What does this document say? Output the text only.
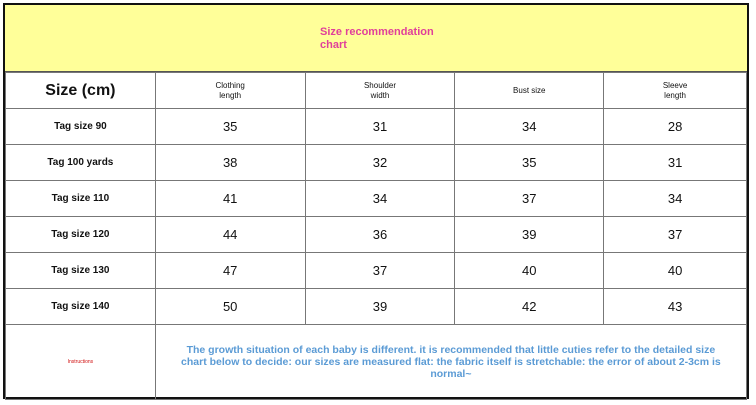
Size recommendation chart
Size (cm)	Clothing length	Shoulder width	Bust size	Sleeve length
Tag size 90	35	31	34	28
Tag 100 yards	38	32	35	31
Tag size 110	41	34	37	34
Tag size 120	44	36	39	37
Tag size 130	47	37	40	40
Tag size 140	50	39	42	43
Instructions	The growth situation of each baby is different. it is recommended that little cuties refer to the detailed size chart below to decide: our sizes are measured flat: the fabric itself is stretchable: the error of about 2-3cm is normal~			
